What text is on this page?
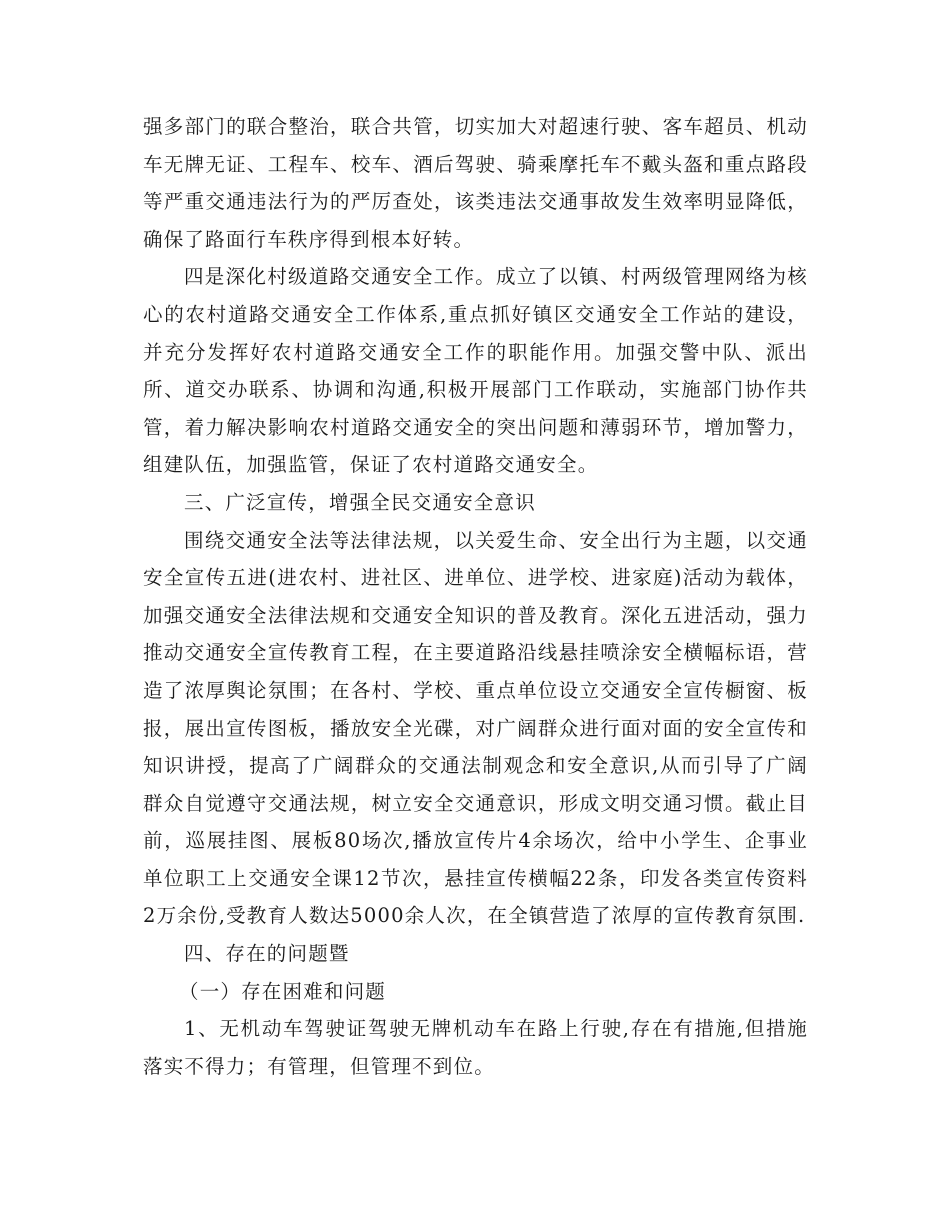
强多部门的联合整治，联合共管，切实加大对超速行驶、客车超员、机动车无牌无证、工程车、校车、酒后驾驶、骑乘摩托车不戴头盔和重点路段等严重交通违法行为的严厉查处，该类违法交通事故发生效率明显降低，确保了路面行车秩序得到根本好转。

四是深化村级道路交通安全工作。成立了以镇、村两级管理网络为核心的农村道路交通安全工作体系,重点抓好镇区交通安全工作站的建设，并充分发挥好农村道路交通安全工作的职能作用。加强交警中队、派出所、道交办联系、协调和沟通,积极开展部门工作联动，实施部门协作共管，着力解决影响农村道路交通安全的突出问题和薄弱环节，增加警力，组建队伍，加强监管，保证了农村道路交通安全。

三、广泛宣传，增强全民交通安全意识

围绕交通安全法等法律法规，以关爱生命、安全出行为主题，以交通安全宣传五进(进农村、进社区、进单位、进学校、进家庭)活动为载体，加强交通安全法律法规和交通安全知识的普及教育。深化五进活动，强力推动交通安全宣传教育工程，在主要道路沿线悬挂喷涂安全横幅标语，营造了浓厚舆论氛围；在各村、学校、重点单位设立交通安全宣传橱窗、板报，展出宣传图板，播放安全光碟，对广阔群众进行面对面的安全宣传和知识讲授，提高了广阔群众的交通法制观念和安全意识,从而引导了广阔群众自觉遵守交通法规，树立安全交通意识，形成文明交通习惯。截止目前，巡展挂图、展板80场次,播放宣传片4余场次，给中小学生、企事业单位职工上交通安全课12节次，悬挂宣传横幅22条，印发各类宣传资料2万余份,受教育人数达5000余人次，在全镇营造了浓厚的宣传教育氛围.

四、存在的问题暨

（一）存在困难和问题

1、无机动车驾驶证驾驶无牌机动车在路上行驶,存在有措施,但措施落实不得力；有管理，但管理不到位。
